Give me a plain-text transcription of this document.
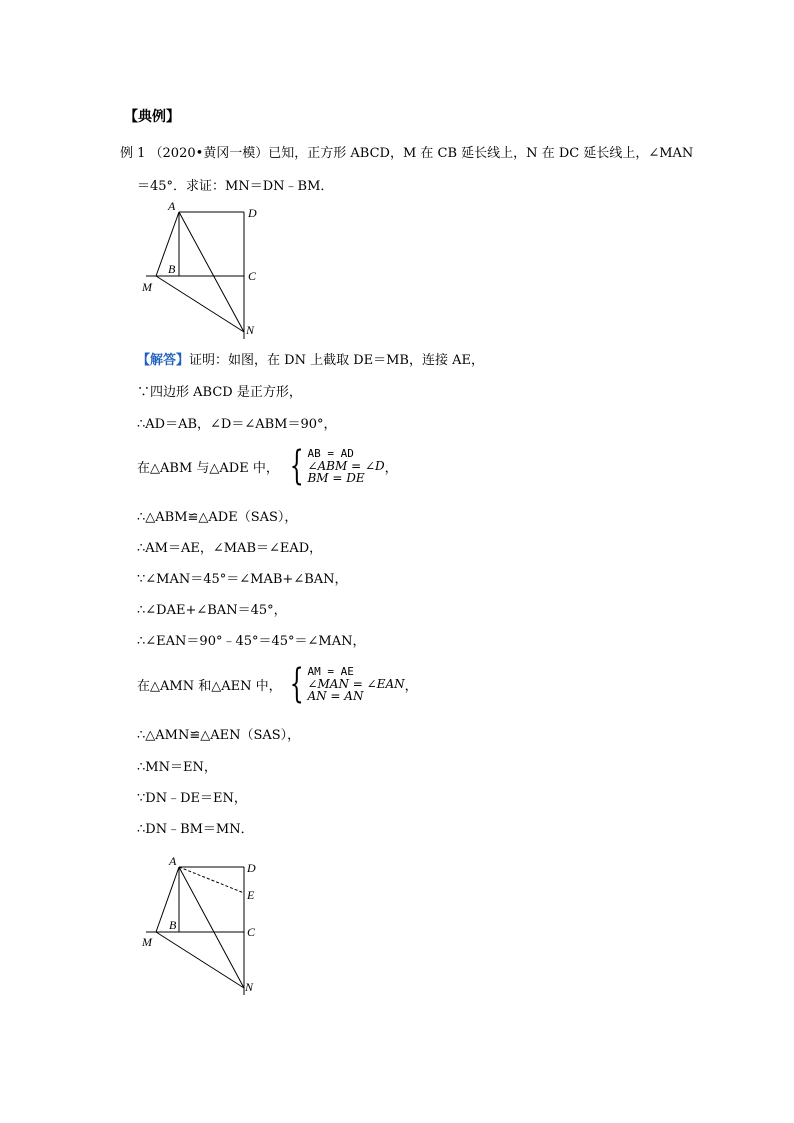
【典例】
例 1 （2020•黄冈一模）已知，正方形 ABCD，M 在 CB 延长线上，N 在 DC 延长线上，∠MAN
＝45°．求证：MN＝DN﹣BM．
A	D
B	C
M
N
【解答】证明：如图，在 DN 上截取 DE＝MB，连接 AE，
∵四边形 ABCD 是正方形，
∴AD＝AB，∠D＝∠ABM＝90°，
在△ABM 与△ADE 中， { AB = AD
∠ABM = ∠D
BM = DE
，
∴△ABM≌△ADE（SAS），
∴AM＝AE，∠MAB＝∠EAD，
∵∠MAN＝45°＝∠MAB+∠BAN，
∴∠DAE+∠BAN＝45°，
∴∠EAN＝90°﹣45°＝45°＝∠MAN，
在△AMN 和△AEN 中， { AM = AE
∠MAN = ∠EAN
AN = AN
，
∴△AMN≌△AEN（SAS），
∴MN＝EN，
∵DN﹣DE＝EN，
∴DN﹣BM＝MN．
A	D
E
B	C
M
N
